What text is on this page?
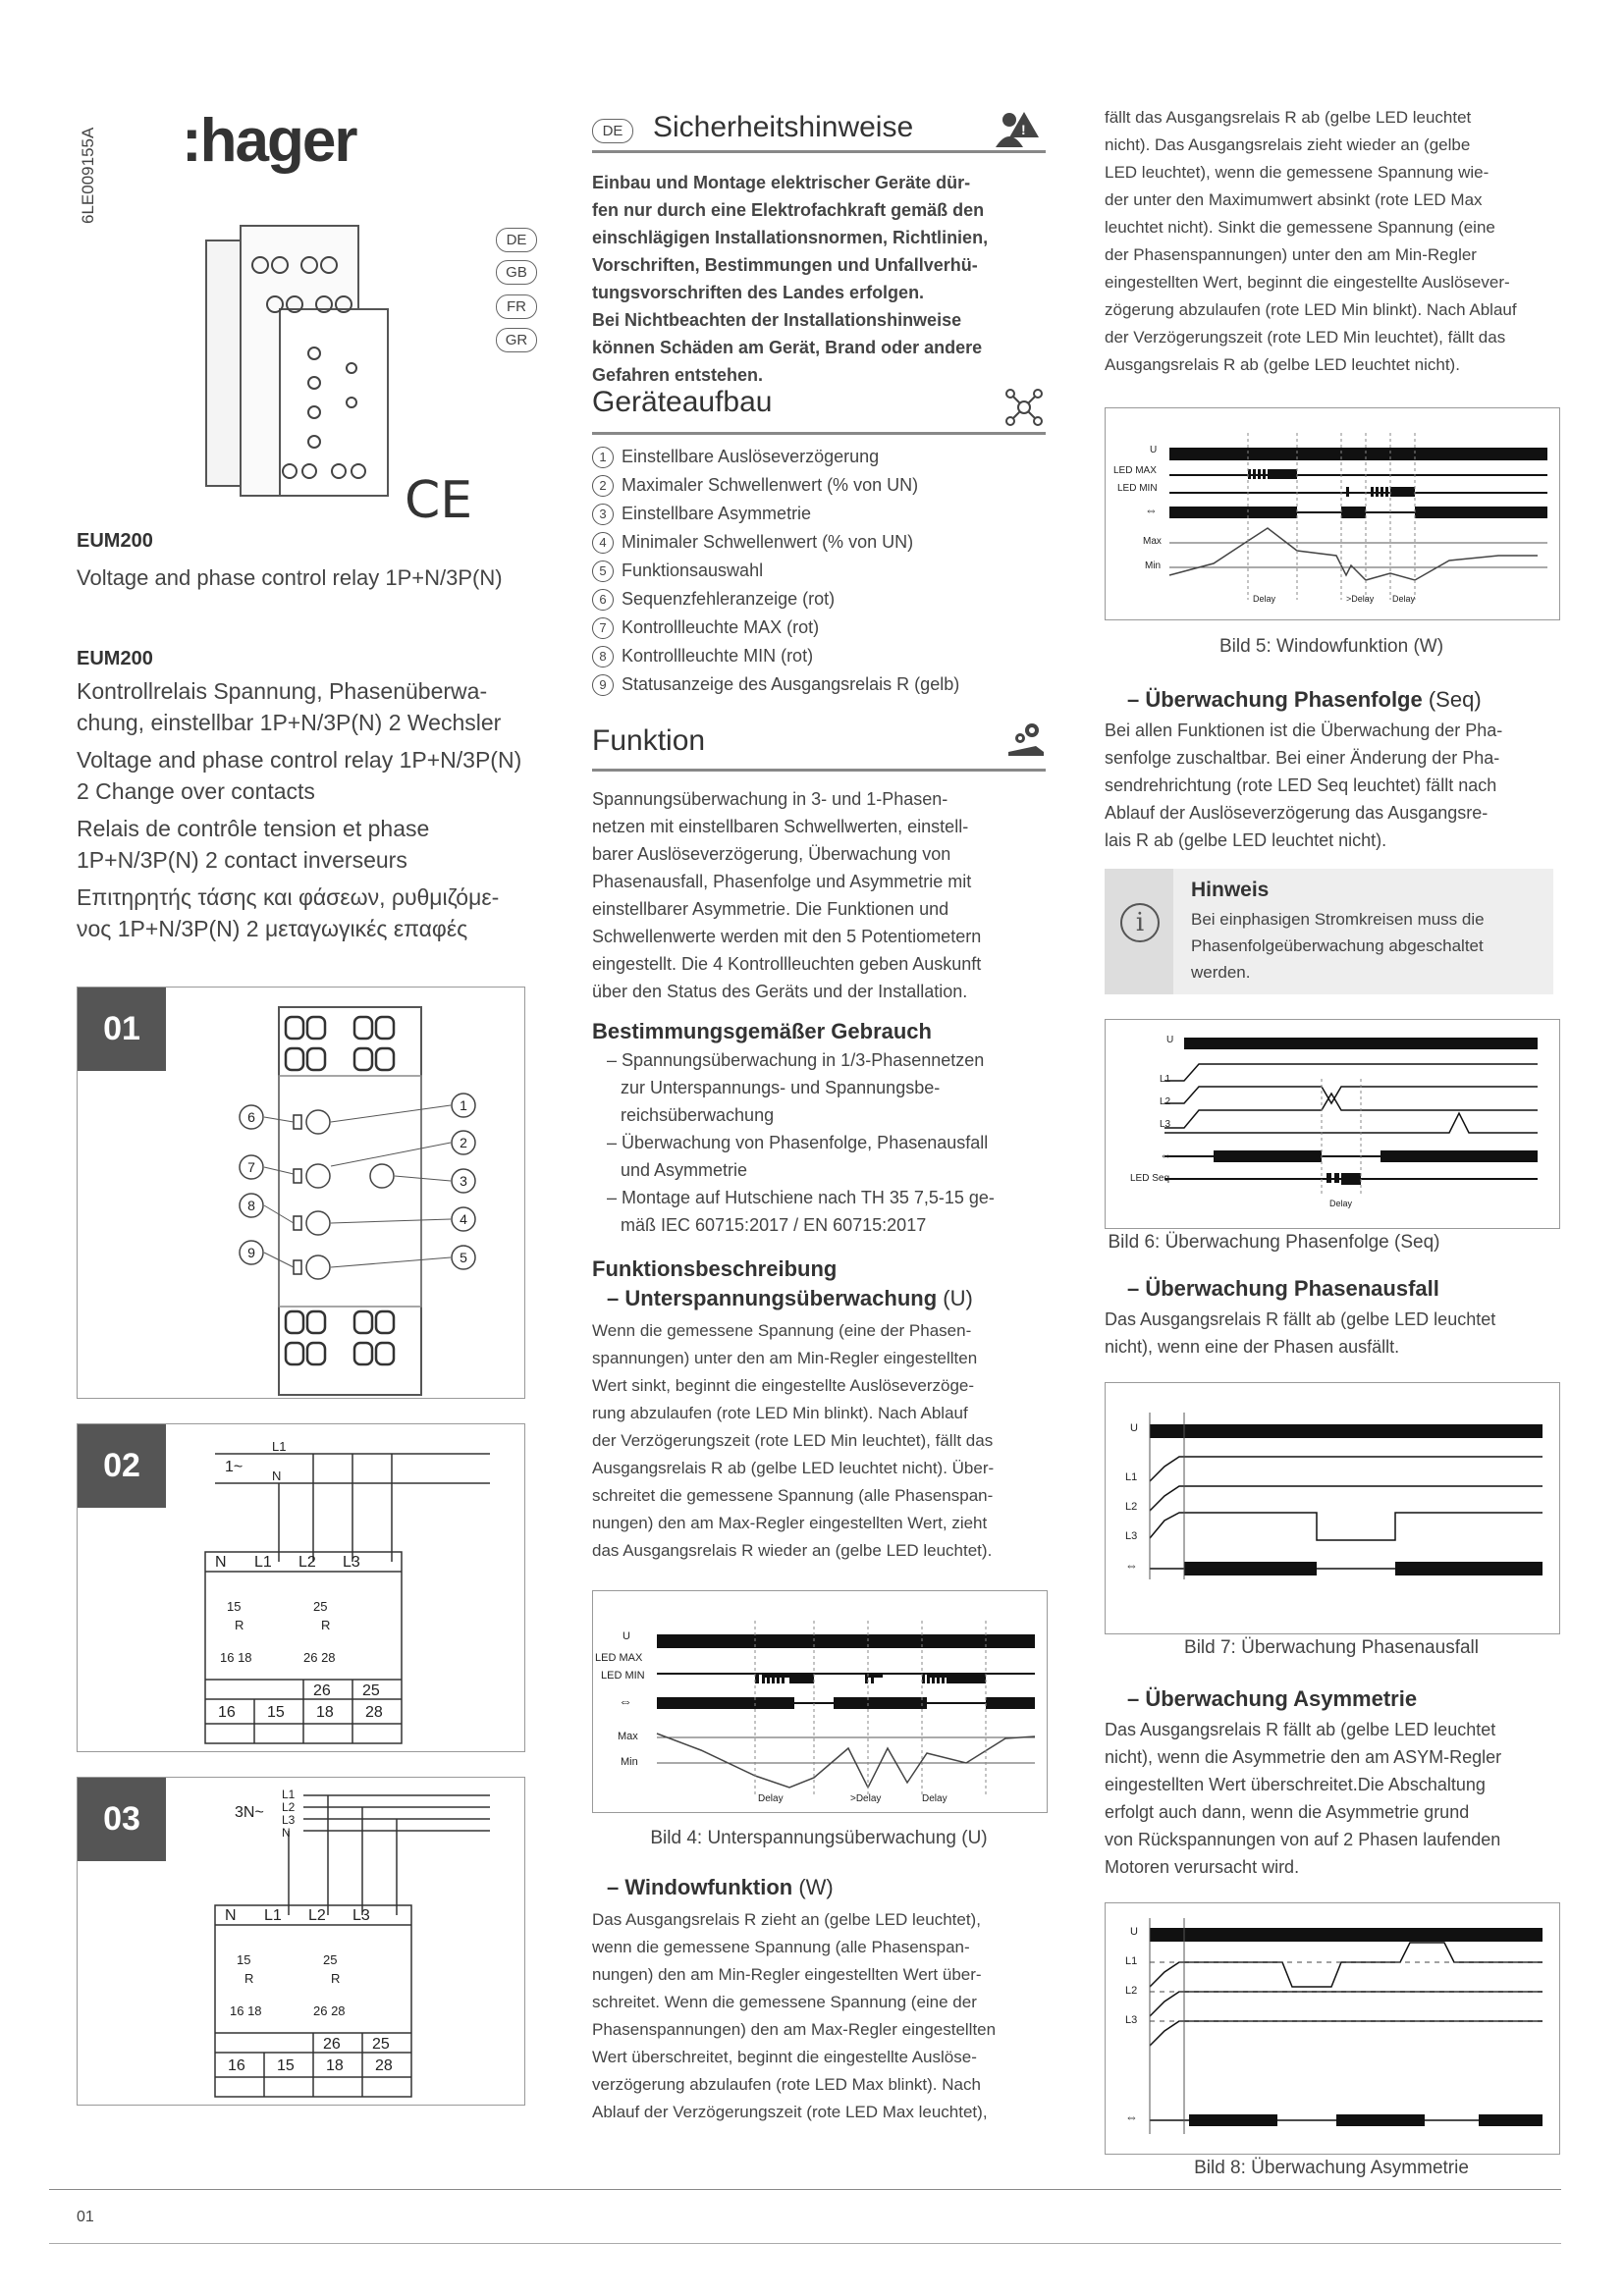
:hager
6LE009155A
DE
GB
FR
GR
CE
EUM200
Voltage and phase control relay 1P+N/3P(N)
EUM200
Kontrollrelais Spannung, Phasenüberwa-
chung, einstellbar 1P+N/3P(N) 2 Wechsler
Voltage and phase control relay 1P+N/3P(N)
2 Change over contacts
Relais de contrôle tension et phase
1P+N/3P(N) 2 contact inverseurs
Επιτηρητής τάσης και φάσεων, ρυθμιζόμε-
νος 1P+N/3P(N) 2 μεταγωγικές επαφές
01
1
2
3
4
5
6
7
8
9
02	1~
L1
N
N L1 L2 L3
15	25
R	R
16 18	26 28
26 25
16 15 18 28
03	3N~
L1
L2
L3
N
N L1 L2 L3
15	25
R	R
16 18	26 28
26 25
16 15 18 28
DE	Sicherheitshinweise	!
Einbau und Montage elektrischer Geräte dür-
fen nur durch eine Elektrofachkraft gemäß den
einschlägigen Installationsnormen, Richtlinien,
Vorschriften, Bestimmungen und Unfallverhü-
tungsvorschriften des Landes erfolgen.
Bei Nichtbeachten der Installationshinweise
können Schäden am Gerät, Brand oder andere
Gefahren entstehen.
Geräteaufbau
1 Einstellbare Auslöseverzögerung
2 Maximaler Schwellenwert (% von UN)
3 Einstellbare Asymmetrie
4 Minimaler Schwellenwert (% von UN)
5 Funktionsauswahl
6 Sequenzfehleranzeige (rot)
7 Kontrollleuchte MAX (rot)
8 Kontrollleuchte MIN (rot)
9 Statusanzeige des Ausgangsrelais R (gelb)
Funktion
Spannungsüberwachung in 3- und 1-Phasen-
netzen mit einstellbaren Schwellwerten, einstell-
barer Auslöseverzögerung, Überwachung von
Phasenausfall, Phasenfolge und Asymmetrie mit
einstellbarer Asymmetrie. Die Funktionen und
Schwellenwerte werden mit den 5 Potentiometern
eingestellt. Die 4 Kontrollleuchten geben Auskunft
über den Status des Geräts und der Installation.
Bestimmungsgemäßer Gebrauch
– Spannungsüberwachung in 1/3-Phasennetzen
zur Unterspannungs- und Spannungsbe-
reichsüberwachung
– Überwachung von Phasenfolge, Phasenausfall
und Asymmetrie
– Montage auf Hutschiene nach TH 35 7,5-15 ge-
mäß IEC 60715:2017 / EN 60715:2017
Funktionsbeschreibung
– Unterspannungsüberwachung (U)
Wenn die gemessene Spannung (eine der Phasen-
spannungen) unter den am Min-Regler eingestellten
Wert sinkt, beginnt die eingestellte Auslöseverzöge-
rung abzulaufen (rote LED Min blinkt). Nach Ablauf
der Verzögerungszeit (rote LED Min leuchtet), fällt das
Ausgangsrelais R ab (gelbe LED leuchtet nicht). Über-
schreitet die gemessene Spannung (alle Phasenspan-
nungen) den am Max-Regler eingestellten Wert, zieht
das Ausgangsrelais R wieder an (gelbe LED leuchtet).
U
LED MAX
LED MIN
⇔
Max
Min
Delay	>Delay	Delay
Bild 4: Unterspannungsüberwachung (U)
– Windowfunktion (W)
Das Ausgangsrelais R zieht an (gelbe LED leuchtet),
wenn die gemessene Spannung (alle Phasenspan-
nungen) den am Min-Regler eingestellten Wert über-
schreitet. Wenn die gemessene Spannung (eine der
Phasenspannungen) den am Max-Regler eingestellten
Wert überschreitet, beginnt die eingestellte Auslöse-
verzögerung abzulaufen (rote LED Max blinkt). Nach
Ablauf der Verzögerungszeit (rote LED Max leuchtet),
fällt das Ausgangsrelais R ab (gelbe LED leuchtet
nicht). Das Ausgangsrelais zieht wieder an (gelbe
LED leuchtet), wenn die gemessene Spannung wie-
der unter den Maximumwert absinkt (rote LED Max
leuchtet nicht). Sinkt die gemessene Spannung (eine
der Phasenspannungen) unter den am Min-Regler
eingestellten Wert, beginnt die eingestellte Auslösever-
zögerung abzulaufen (rote LED Min blinkt). Nach Ablauf
der Verzögerungszeit (rote LED Min leuchtet), fällt das
Ausgangsrelais R ab (gelbe LED leuchtet nicht).
U
LED MAX
LED MIN
⇔
Max
Min
Delay	>Delay Delay
Bild 5: Windowfunktion (W)
– Überwachung Phasenfolge (Seq)
Bei allen Funktionen ist die Überwachung der Pha-
senfolge zuschaltbar. Bei einer Änderung der Pha-
sendrehrichtung (rote LED Seq leuchtet) fällt nach
Ablauf der Auslöseverzögerung das Ausgangsre-
lais R ab (gelbe LED leuchtet nicht).
i
Hinweis
Bei einphasigen Stromkreisen muss die
Phasenfolgeüberwachung abgeschaltet
werden.
U
L1
L2
L3
⇔
LED Seq
Delay
Bild 6: Überwachung Phasenfolge (Seq)
– Überwachung Phasenausfall
Das Ausgangsrelais R fällt ab (gelbe LED leuchtet
nicht), wenn eine der Phasen ausfällt.
U
L1
L2
L3
⇔
Bild 7: Überwachung Phasenausfall
– Überwachung Asymmetrie
Das Ausgangsrelais R fällt ab (gelbe LED leuchtet
nicht), wenn die Asymmetrie den am ASYM-Regler
eingestellten Wert überschreitet.Die Abschaltung
erfolgt auch dann, wenn die Asymmetrie grund
von Rückspannungen von auf 2 Phasen laufenden
Motoren verursacht wird.
U
L1
L2
L3
⇔
Bild 8: Überwachung Asymmetrie
01
